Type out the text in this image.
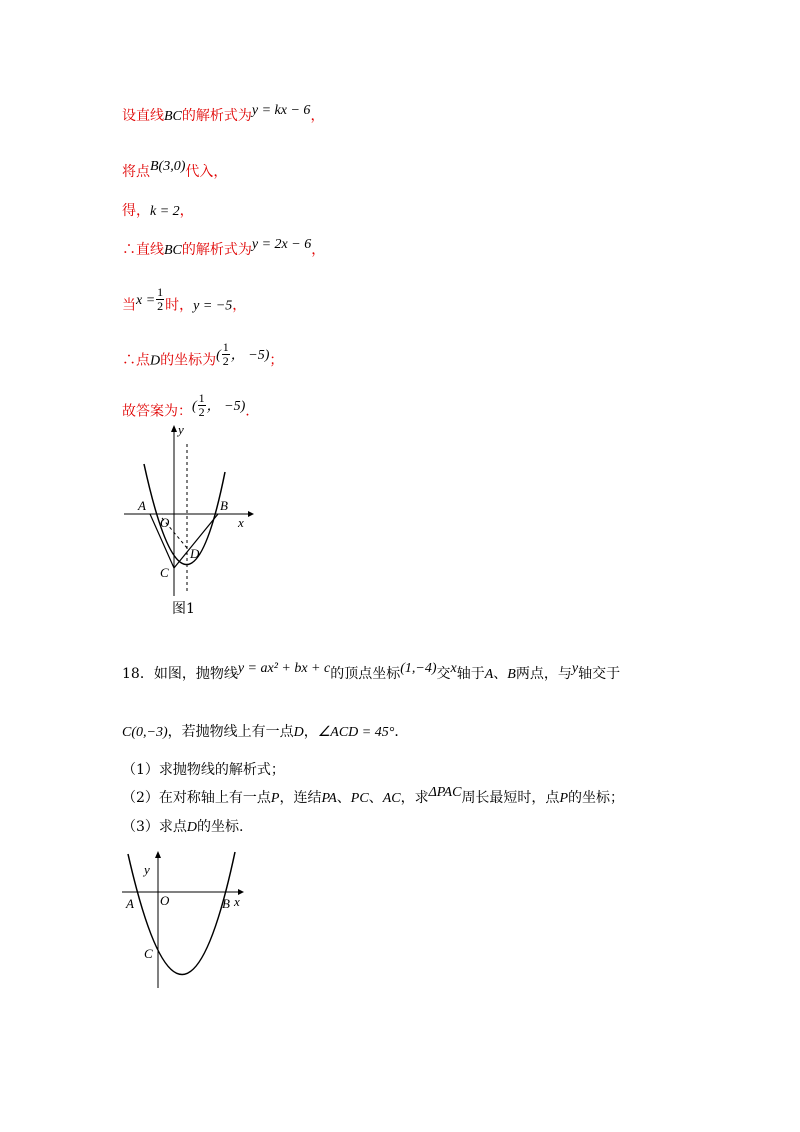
设直线BC的解析式为y = kx − 6，
将点B(3,0)代入，
得，k = 2，
∴直线BC的解析式为y = 2x − 6，
当$x = \frac{1}{2}$ 时，y = −5，
∴点D的坐标为( $\frac{1}{2}$ ， −5)；
故答案为：( $\frac{1}{2}$ ， −5).
y
x
A
O
B
D
C
图1
18．如图，抛物线y = ax² + bx + c的顶点坐标(1,−4)交x轴于A、B两点，与y轴交于
C(0,−3)，若抛物线上有一点D，∠ACD = 45°．
（1）求抛物线的解析式；
（2）在对称轴上有一点P，连结PA、PC、AC，求ΔPAC周长最短时，点P的坐标；
（3）求点D的坐标.
y
x
A O	B
C
